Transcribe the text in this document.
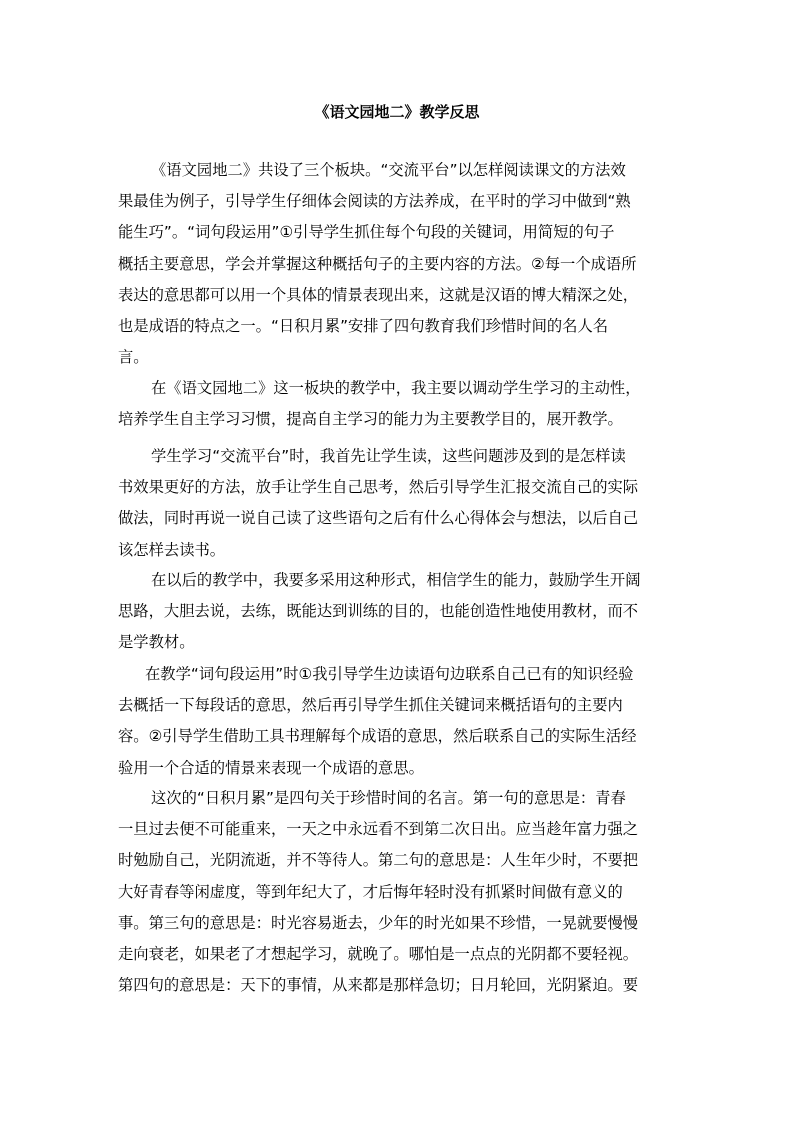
《语文园地二》教学反思
《语文园地二》共设了三个板块。“交流平台”以怎样阅读课文的方法效
果最佳为例子，引导学生仔细体会阅读的方法养成，在平时的学习中做到“熟
能生巧”。“词句段运用”①引导学生抓住每个句段的关键词，用简短的句子
概括主要意思，学会并掌握这种概括句子的主要内容的方法。②每一个成语所
表达的意思都可以用一个具体的情景表现出来，这就是汉语的博大精深之处，
也是成语的特点之一。“日积月累”安排了四句教育我们珍惜时间的名人名
言。
在《语文园地二》这一板块的教学中，我主要以调动学生学习的主动性，
培养学生自主学习习惯，提高自主学习的能力为主要教学目的，展开教学。
学生学习“交流平台”时，我首先让学生读，这些问题涉及到的是怎样读
书效果更好的方法，放手让学生自己思考，然后引导学生汇报交流自己的实际
做法，同时再说一说自己读了这些语句之后有什么心得体会与想法，以后自己
该怎样去读书。
在以后的教学中，我要多采用这种形式，相信学生的能力，鼓励学生开阔
思路，大胆去说，去练，既能达到训练的目的，也能创造性地使用教材，而不
是学教材。
在教学“词句段运用”时①我引导学生边读语句边联系自己已有的知识经验
去概括一下每段话的意思，然后再引导学生抓住关键词来概括语句的主要内
容。②引导学生借助工具书理解每个成语的意思，然后联系自己的实际生活经
验用一个合适的情景来表现一个成语的意思。
这次的“日积月累”是四句关于珍惜时间的名言。第一句的意思是：青春
一旦过去便不可能重来，一天之中永远看不到第二次日出。应当趁年富力强之
时勉励自己，光阴流逝，并不等待人。第二句的意思是：人生年少时，不要把
大好青春等闲虚度，等到年纪大了，才后悔年轻时没有抓紧时间做有意义的
事。第三句的意思是：时光容易逝去，少年的时光如果不珍惜，一晃就要慢慢
走向衰老，如果老了才想起学习，就晚了。哪怕是一点点的光阴都不要轻视。
第四句的意思是：天下的事情，从来都是那样急切；日月轮回，光阴紧迫。要
